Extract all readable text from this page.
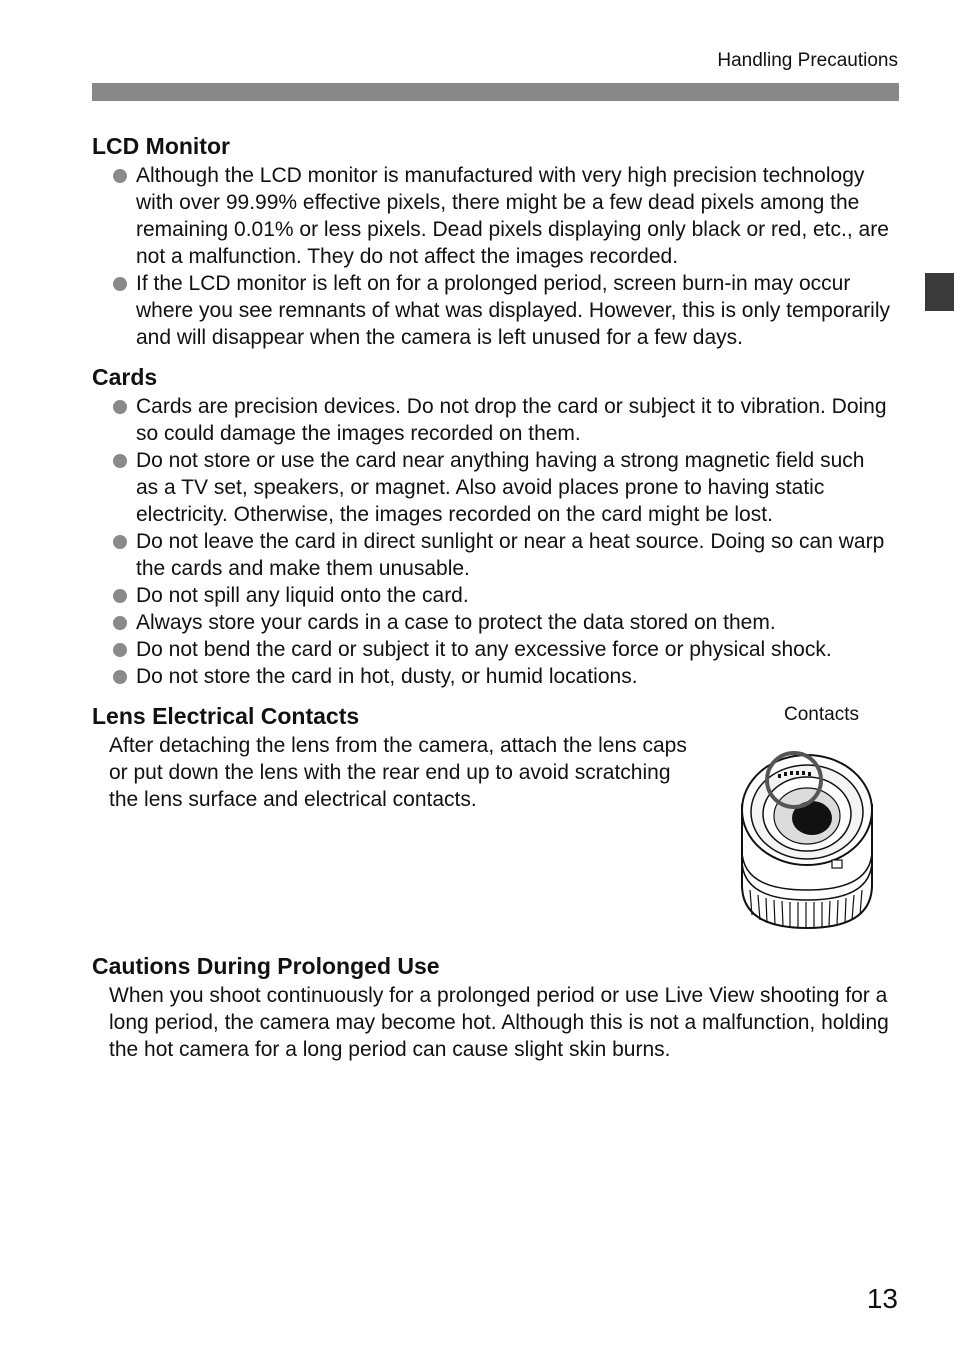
Handling Precautions
LCD Monitor
Although the LCD monitor is manufactured with very high precision technology with over 99.99% effective pixels, there might be a few dead pixels among the remaining 0.01% or less pixels. Dead pixels displaying only black or red, etc., are not a malfunction. They do not affect the images recorded.
If the LCD monitor is left on for a prolonged period, screen burn-in may occur where you see remnants of what was displayed. However, this is only temporarily and will disappear when the camera is left unused for a few days.
Cards
Cards are precision devices. Do not drop the card or subject it to vibration. Doing so could damage the images recorded on them.
Do not store or use the card near anything having a strong magnetic field such as a TV set, speakers, or magnet. Also avoid places prone to having static electricity. Otherwise, the images recorded on the card might be lost.
Do not leave the card in direct sunlight or near a heat source. Doing so can warp the cards and make them unusable.
Do not spill any liquid onto the card.
Always store your cards in a case to protect the data stored on them.
Do not bend the card or subject it to any excessive force or physical shock.
Do not store the card in hot, dusty, or humid locations.
Lens Electrical Contacts
After detaching the lens from the camera, attach the lens caps or put down the lens with the rear end up to avoid scratching the lens surface and electrical contacts.
Contacts
Cautions During Prolonged Use
When you shoot continuously for a prolonged period or use Live View shooting for a long period, the camera may become hot. Although this is not a malfunction, holding the hot camera for a long period can cause slight skin burns.
13
